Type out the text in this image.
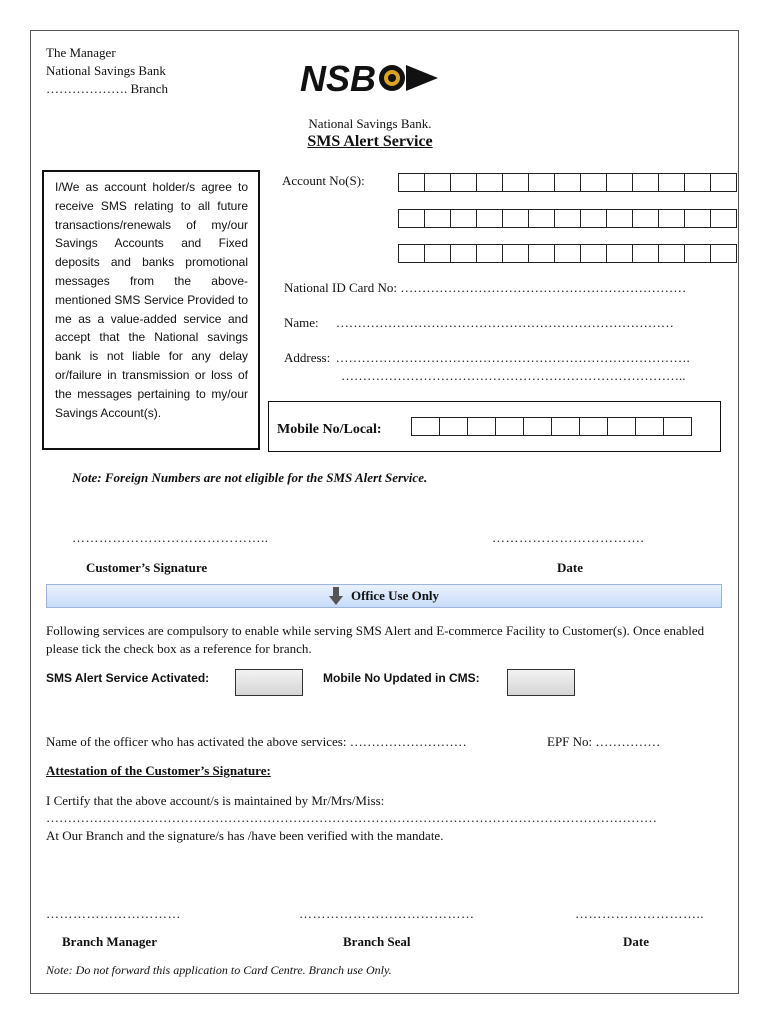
The Manager
National Savings Bank
………………. Branch	NSB
National Savings Bank.
SMS Alert Service
I/We as account holder/s agree to receive SMS relating to all future transactions/renewals of my/our Savings Accounts and Fixed deposits and banks promotional messages from the above-mentioned SMS Service Provided to me as a value-added service and accept that the National savings bank is not liable for any delay or/failure in transmission or loss of the messages pertaining to my/our Savings Account(s).
Account No(S):
National ID Card No: …………………………………………………………
Name: ……………………………………………………………………
Address: ……………………………………………………………………….
……………………………………………………………………..
Mobile No/Local:
Note: Foreign Numbers are not eligible for the SMS Alert Service.
……………………………………..	…………………………….
Customer’s Signature	Date
Office Use Only
Following services are compulsory to enable while serving SMS Alert and E-commerce Facility to Customer(s). Once enabled please tick the check box as a reference for branch.
SMS Alert Service Activated:	Mobile No Updated in CMS:
Name of the officer who has activated the above services: ………………………	EPF No: ……………
Attestation of the Customer’s Signature:
I Certify that the above account/s is maintained by Mr/Mrs/Miss:
……………………………………………………………………………………………………………………………
At Our Branch and the signature/s has /have been verified with the mandate.
…………………………	…………………………………	………………………..
Branch Manager	Branch Seal	Date
Note: Do not forward this application to Card Centre. Branch use Only.
